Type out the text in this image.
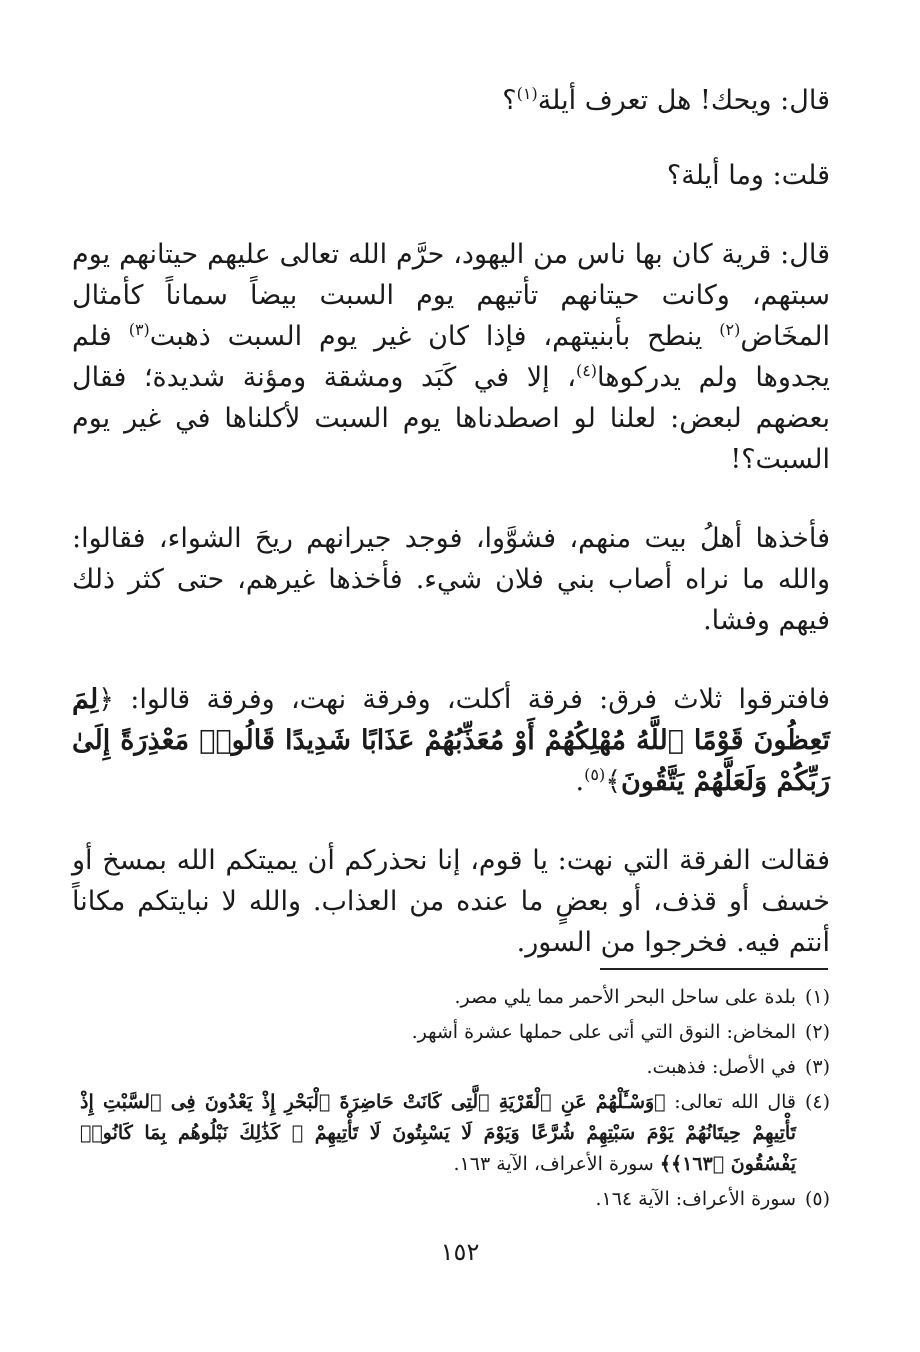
قال: ويحك! هل تعرف أيلة$^{(١)}$؟

قلت: وما أيلة؟

قال: قرية كان بها ناس من اليهود، حرَّم الله تعالى عليهم حيتانهم يوم سبتهم، وكانت حيتانهم تأتيهم يوم السبت بيضاً سماناً كأمثال المخَاض$^{(٢)}$ ينطح بأبنيتهم، فإذا كان غير يوم السبت ذهبت$^{(٣)}$ فلم يجدوها ولم يدركوها$^{(٤)}$، إلا في كَبَد ومشقة ومؤنة شديدة؛ فقال بعضهم لبعض: لعلنا لو اصطدناها يوم السبت لأكلناها في غير يوم السبت؟!

فأخذها أهلُ بيت منهم، فشوَّوا، فوجد جيرانهم ريحَ الشواء، فقالوا: والله ما نراه أصاب بني فلان شيء. فأخذها غيرهم، حتى كثر ذلك فيهم وفشا.

فافترقوا ثلاث فرق: فرقة أكلت، وفرقة نهت، وفرقة قالوا: ﴿لِمَ تَعِظُونَ قَوْمًا ٱللَّهُ مُهْلِكُهُمْ أَوْ مُعَذِّبُهُمْ عَذَابًا شَدِيدًا قَالُوا۟ مَعْذِرَةً إِلَىٰ رَبِّكُمْ وَلَعَلَّهُمْ يَتَّقُونَ﴾$^{(٥)}$.

فقالت الفرقة التي نهت: يا قوم، إنا نحذركم أن يميتكم الله بمسخ أو خسف أو قذف، أو بعضٍ ما عنده من العذاب. والله لا نبايتكم مكاناً أنتم فيه. فخرجوا من السور.

(١)
بلدة على ساحل البحر الأحمر مما يلي مصر.
(٢)
المخاض: النوق التي أتى على حملها عشرة أشهر.
(٣)
في الأصل: فذهبت.
(٤)
قال الله تعالى: ﴿وَسْـَٔلْهُمْ عَنِ ٱلْقَرْيَةِ ٱلَّتِى كَانَتْ حَاضِرَةَ ٱلْبَحْرِ إِذْ يَعْدُونَ فِى ٱلسَّبْتِ إِذْ تَأْتِيهِمْ حِيتَانُهُمْ يَوْمَ سَبْتِهِمْ شُرَّعًا وَيَوْمَ لَا يَسْبِتُونَ لَا تَأْتِيهِمْ ۚ كَذَٰلِكَ نَبْلُوهُم بِمَا كَانُوا۟ يَفْسُقُونَ ﴿١٦٣﴾﴾ سورة الأعراف، الآية ١٦٣.
(٥)
سورة الأعراف: الآية ١٦٤.
١٥٢
